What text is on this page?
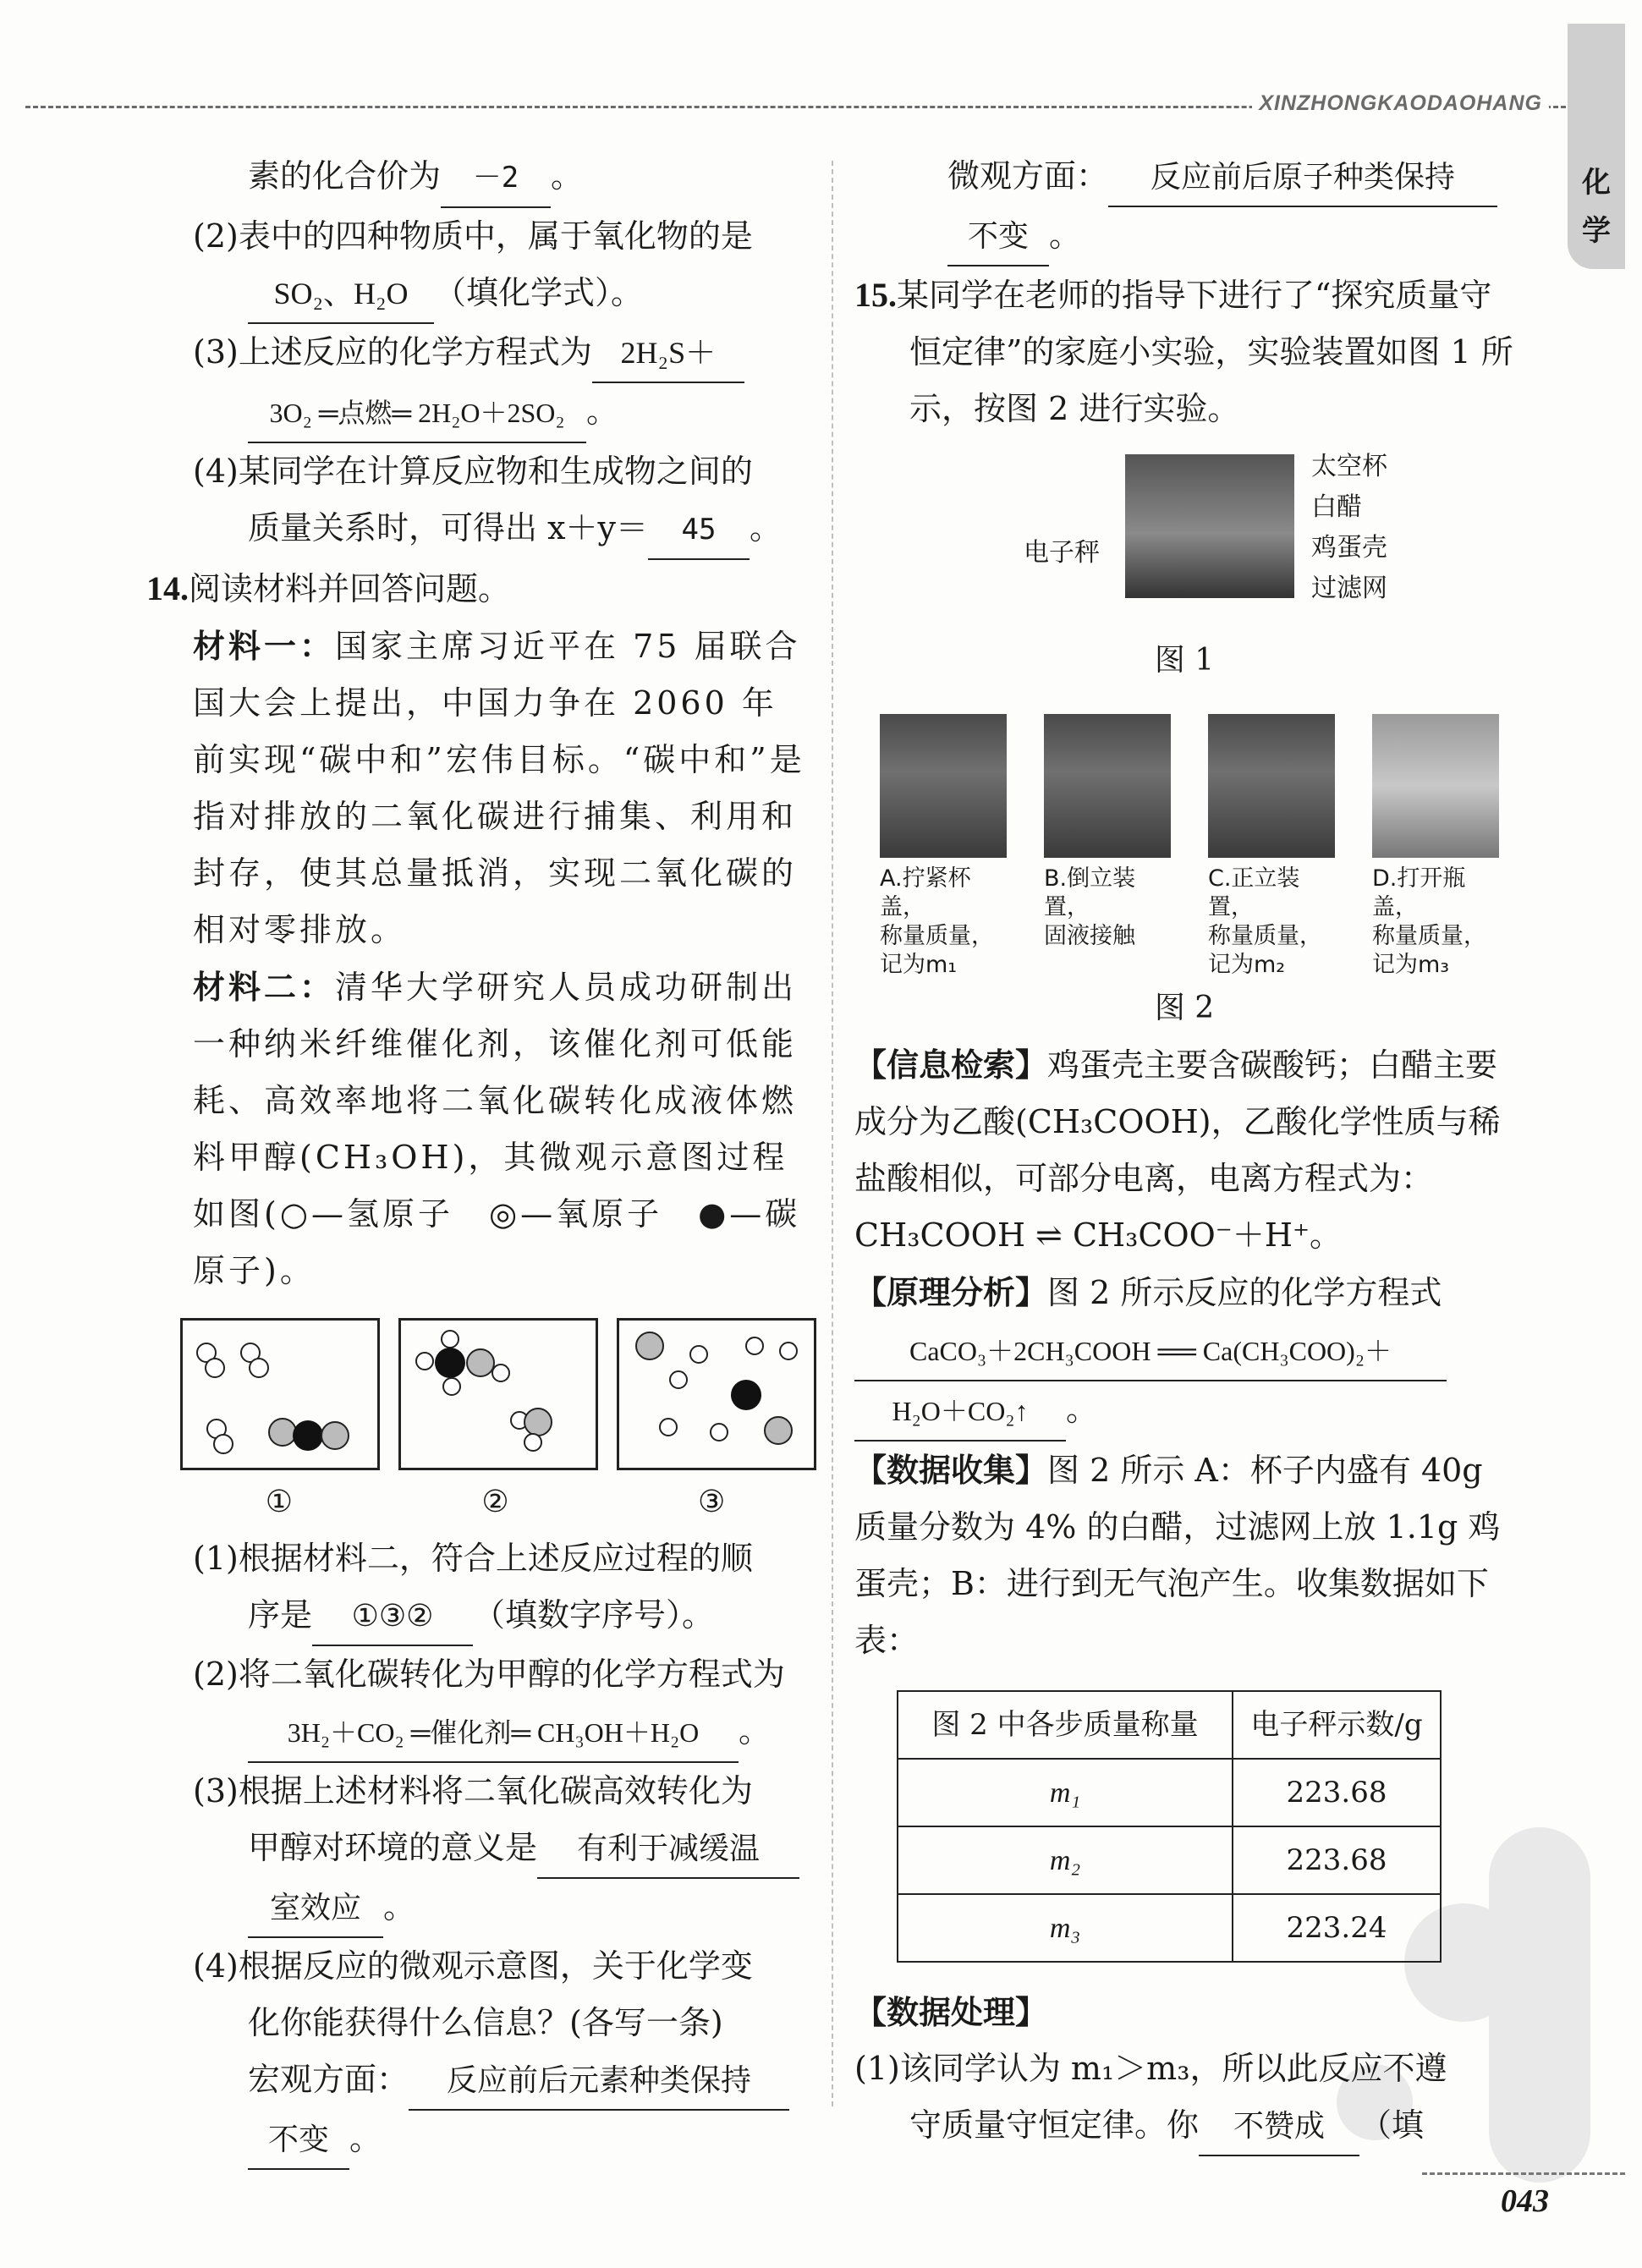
XINZHONGKAODAOHANG
化
学

素的化合价为 －2 。

(2)表中的四种物质中，属于氧化物的是

SO₂、H₂O （填化学式）。

(3)上述反应的化学方程式为 2H₂S＋

3O₂ ═点燃═ 2H₂O＋2SO₂ 。

(4)某同学在计算反应物和生成物之间的

质量关系时，可得出 x＋y＝ 45 。

14.阅读材料并回答问题。

材料一：国家主席习近平在 75 届联合国大会上提出，中国力争在 2060 年前实现“碳中和”宏伟目标。“碳中和”是指对排放的二氧化碳进行捕集、利用和封存，使其总量抵消，实现二氧化碳的相对零排放。

材料二：清华大学研究人员成功研制出一种纳米纤维催化剂，该催化剂可低能耗、高效率地将二氧化碳转化成液体燃料甲醇(CH₃OH)，其微观示意图过程如图(○—氢原子　◎—氧原子　●—碳原子)。

①	②	③

(1)根据材料二，符合上述反应过程的顺

序是 ①③② （填数字序号）。

(2)将二氧化碳转化为甲醇的化学方程式为

3H₂＋CO₂ ═催化剂═ CH₃OH＋H₂O 。

(3)根据上述材料将二氧化碳高效转化为

甲醇对环境的意义是 有利于减缓温

室效应 。

(4)根据反应的微观示意图，关于化学变

化你能获得什么信息？(各写一条)

宏观方面： 反应前后元素种类保持

不变 。

微观方面： 反应前后原子种类保持

不变 。

15.某同学在老师的指导下进行了“探究质量守恒定律”的家庭小实验，实验装置如图 1 所示，按图 2 进行实验。

太空杯
白醋
鸡蛋壳
过滤网
电子秤

图 1

A.拧紧杯盖，
称量质量，
记为m₁
B.倒立装置，
固液接触
C.正立装置，
称量质量，
记为m₂
D.打开瓶盖，
称量质量，
记为m₃

图 2

【信息检索】鸡蛋壳主要含碳酸钙；白醋主要成分为乙酸(CH₃COOH)，乙酸化学性质与稀盐酸相似，可部分电离，电离方程式为：CH₃COOH ⇌ CH₃COO⁻＋H⁺。

【原理分析】图 2 所示反应的化学方程式

CaCO₃＋2CH₃COOH ══ Ca(CH₃COO)₂＋

H₂O＋CO₂↑ 。

【数据收集】图 2 所示 A：杯子内盛有 40g 质量分数为 4% 的白醋，过滤网上放 1.1g 鸡蛋壳；B：进行到无气泡产生。收集数据如下表：

图 2 中各步质量称量	电子秤示数/g
m₁	223.68
m₂	223.68
m₃	223.24

【数据处理】

(1)该同学认为 m₁＞m₃，所以此反应不遵

守质量守恒定律。你 不赞成 （填

043
